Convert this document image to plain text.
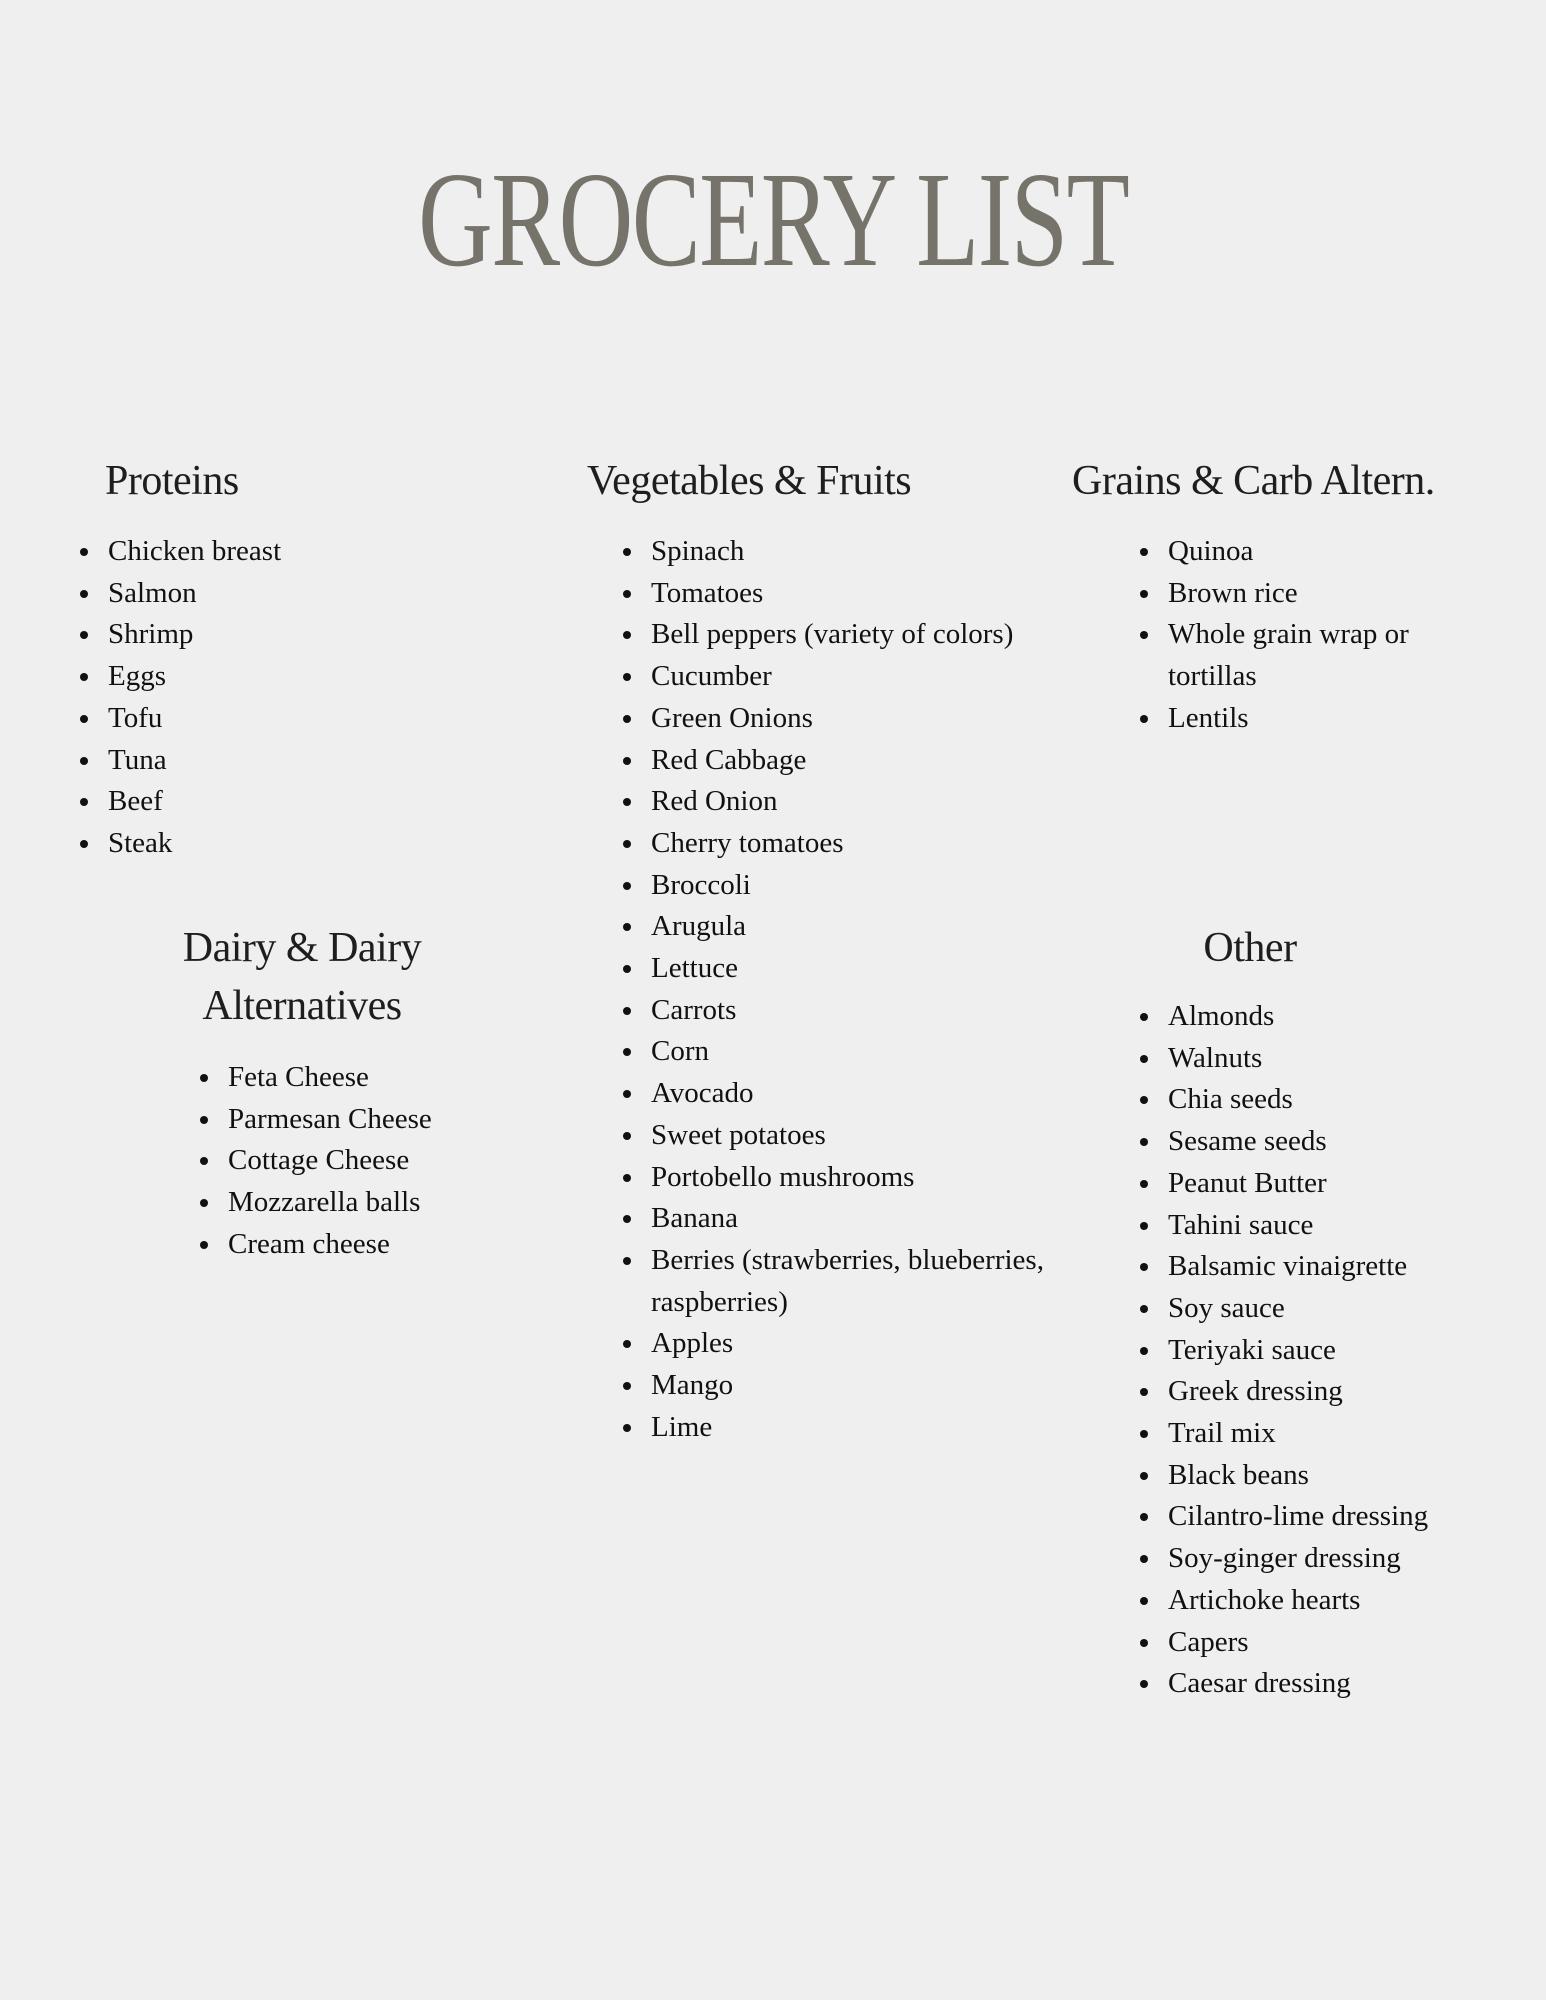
GROCERY LIST
Proteins
Chicken breast
Salmon
Shrimp
Eggs
Tofu
Tuna
Beef
Steak
Vegetables & Fruits
Spinach
Tomatoes
Bell peppers (variety of colors)
Cucumber
Green Onions
Red Cabbage
Red Onion
Cherry tomatoes
Broccoli
Arugula
Lettuce
Carrots
Corn
Avocado
Sweet potatoes
Portobello mushrooms
Banana
Berries (strawberries, blueberries, raspberries)
Apples
Mango
Lime
Grains & Carb Altern.
Quinoa
Brown rice
Whole grain wrap or tortillas
Lentils
Dairy & Dairy
Alternatives
Feta Cheese
Parmesan Cheese
Cottage Cheese
Mozzarella balls
Cream cheese
Other
Almonds
Walnuts
Chia seeds
Sesame seeds
Peanut Butter
Tahini sauce
Balsamic vinaigrette
Soy sauce
Teriyaki sauce
Greek dressing
Trail mix
Black beans
Cilantro-lime dressing
Soy-ginger dressing
Artichoke hearts
Capers
Caesar dressing
